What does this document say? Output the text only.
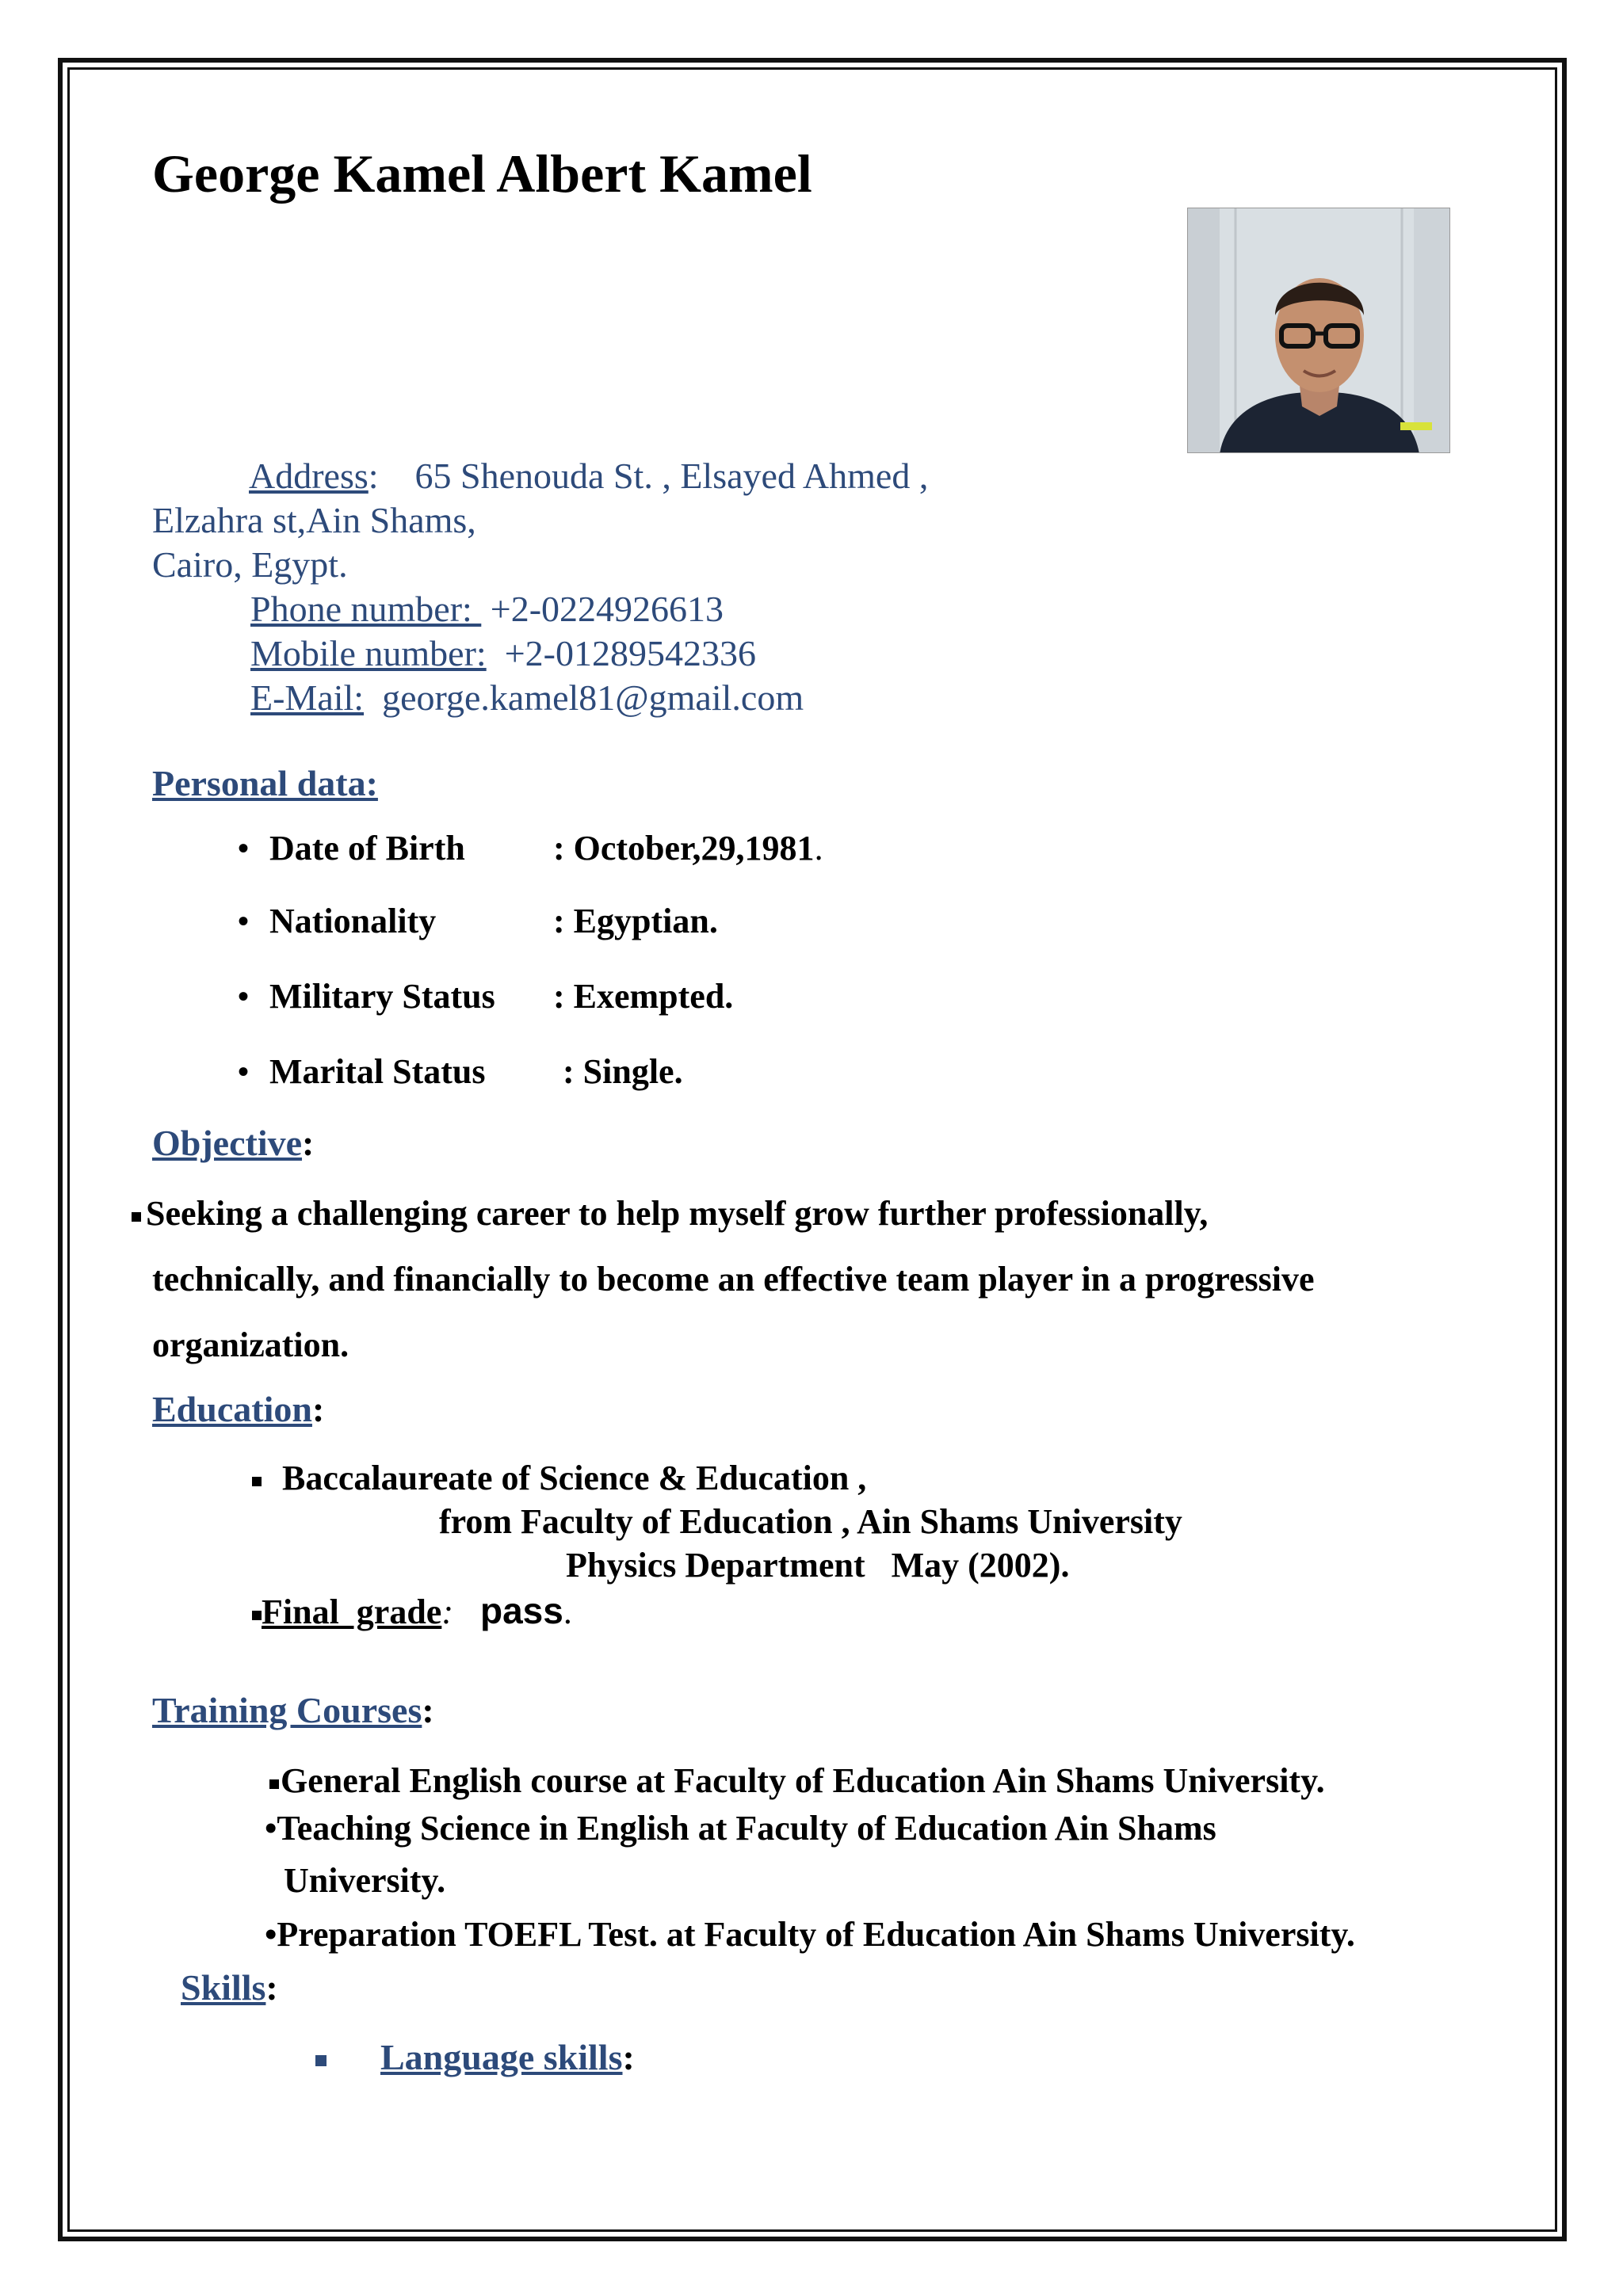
George Kamel Albert Kamel
Address:    65 Shenouda St. , Elsayed Ahmed ,
Elzahra st,Ain Shams,
Cairo, Egypt.
Phone number:  +2-0224926613
Mobile number:  +2-01289542336
E-Mail:  george.kamel81@gmail.com
Personal data:
• Date of Birth	: October,29,1981.
• Nationality	: Egyptian.
• Military Status : Exempted.
• Marital Status : Single.
Objective:
Seeking a challenging career to help myself grow further professionally,
technically, and financially to become an effective team player in a progressive
organization.
Education:
Baccalaureate of Science & Education ,
from Faculty of Education , Ain Shams University
Physics Department   May (2002).
Final  grade: pass.
Training Courses:
General English course at Faculty of Education Ain Shams University.
•Teaching Science in English at Faculty of Education Ain Shams
University.
•Preparation TOEFL Test. at Faculty of Education Ain Shams University.
Skills:
Language skills:
